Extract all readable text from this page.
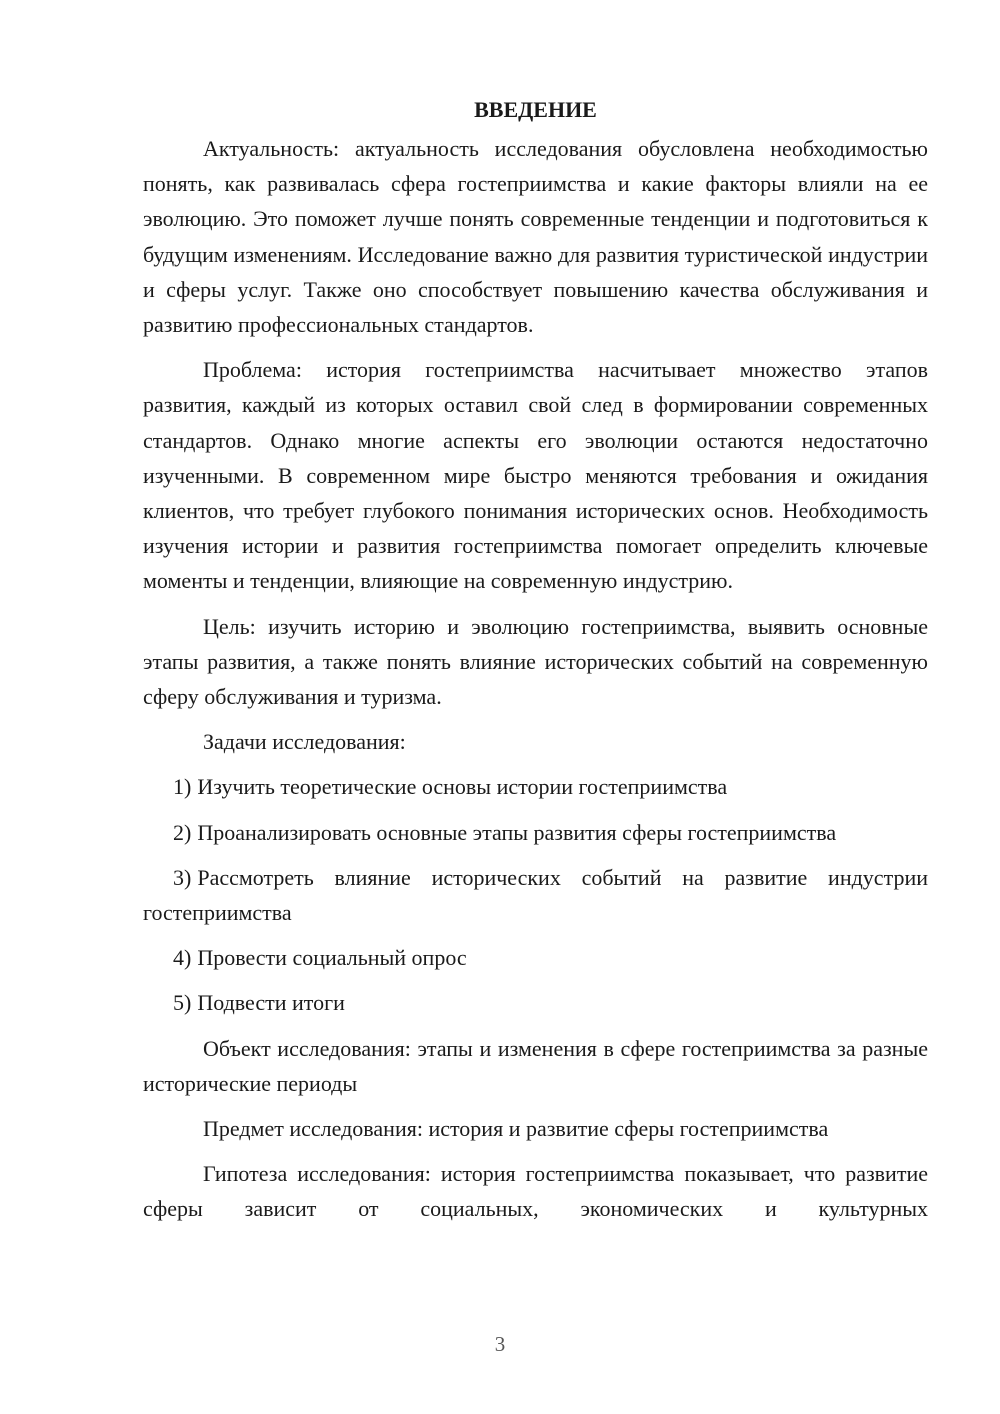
ВВЕДЕНИЕ

Актуальность: актуальность исследования обусловлена необходимостью понять, как развивалась сфера гостеприимства и какие факторы влияли на ее эволюцию. Это поможет лучше понять современные тенденции и подготовиться к будущим изменениям. Исследование важно для развития туристической индустрии и сферы услуг. Также оно способствует повышению качества обслуживания и развитию профессиональных стандартов.

Проблема: история гостеприимства насчитывает множество этапов развития, каждый из которых оставил свой след в формировании современных стандартов. Однако многие аспекты его эволюции остаются недостаточно изученными. В современном мире быстро меняются требования и ожидания клиентов, что требует глубокого понимания исторических основ. Необходимость изучения истории и развития гостеприимства помогает определить ключевые моменты и тенденции, влияющие на современную индустрию.

Цель: изучить историю и эволюцию гостеприимства, выявить основные этапы развития, а также понять влияние исторических событий на современную сферу обслуживания и туризма.

Задачи исследования:

1) Изучить теоретические основы истории гостеприимства

2) Проанализировать основные этапы развития сферы гостеприимства

3) Рассмотреть влияние исторических событий на развитие индустрии гостеприимства

4) Провести социальный опрос

5) Подвести итоги

Объект исследования: этапы и изменения в сфере гостеприимства за разные исторические периоды

Предмет исследования: история и развитие сферы гостеприимства

Гипотеза исследования: история гостеприимства показывает, что развитие сферы зависит от социальных, экономических и культурных

3
